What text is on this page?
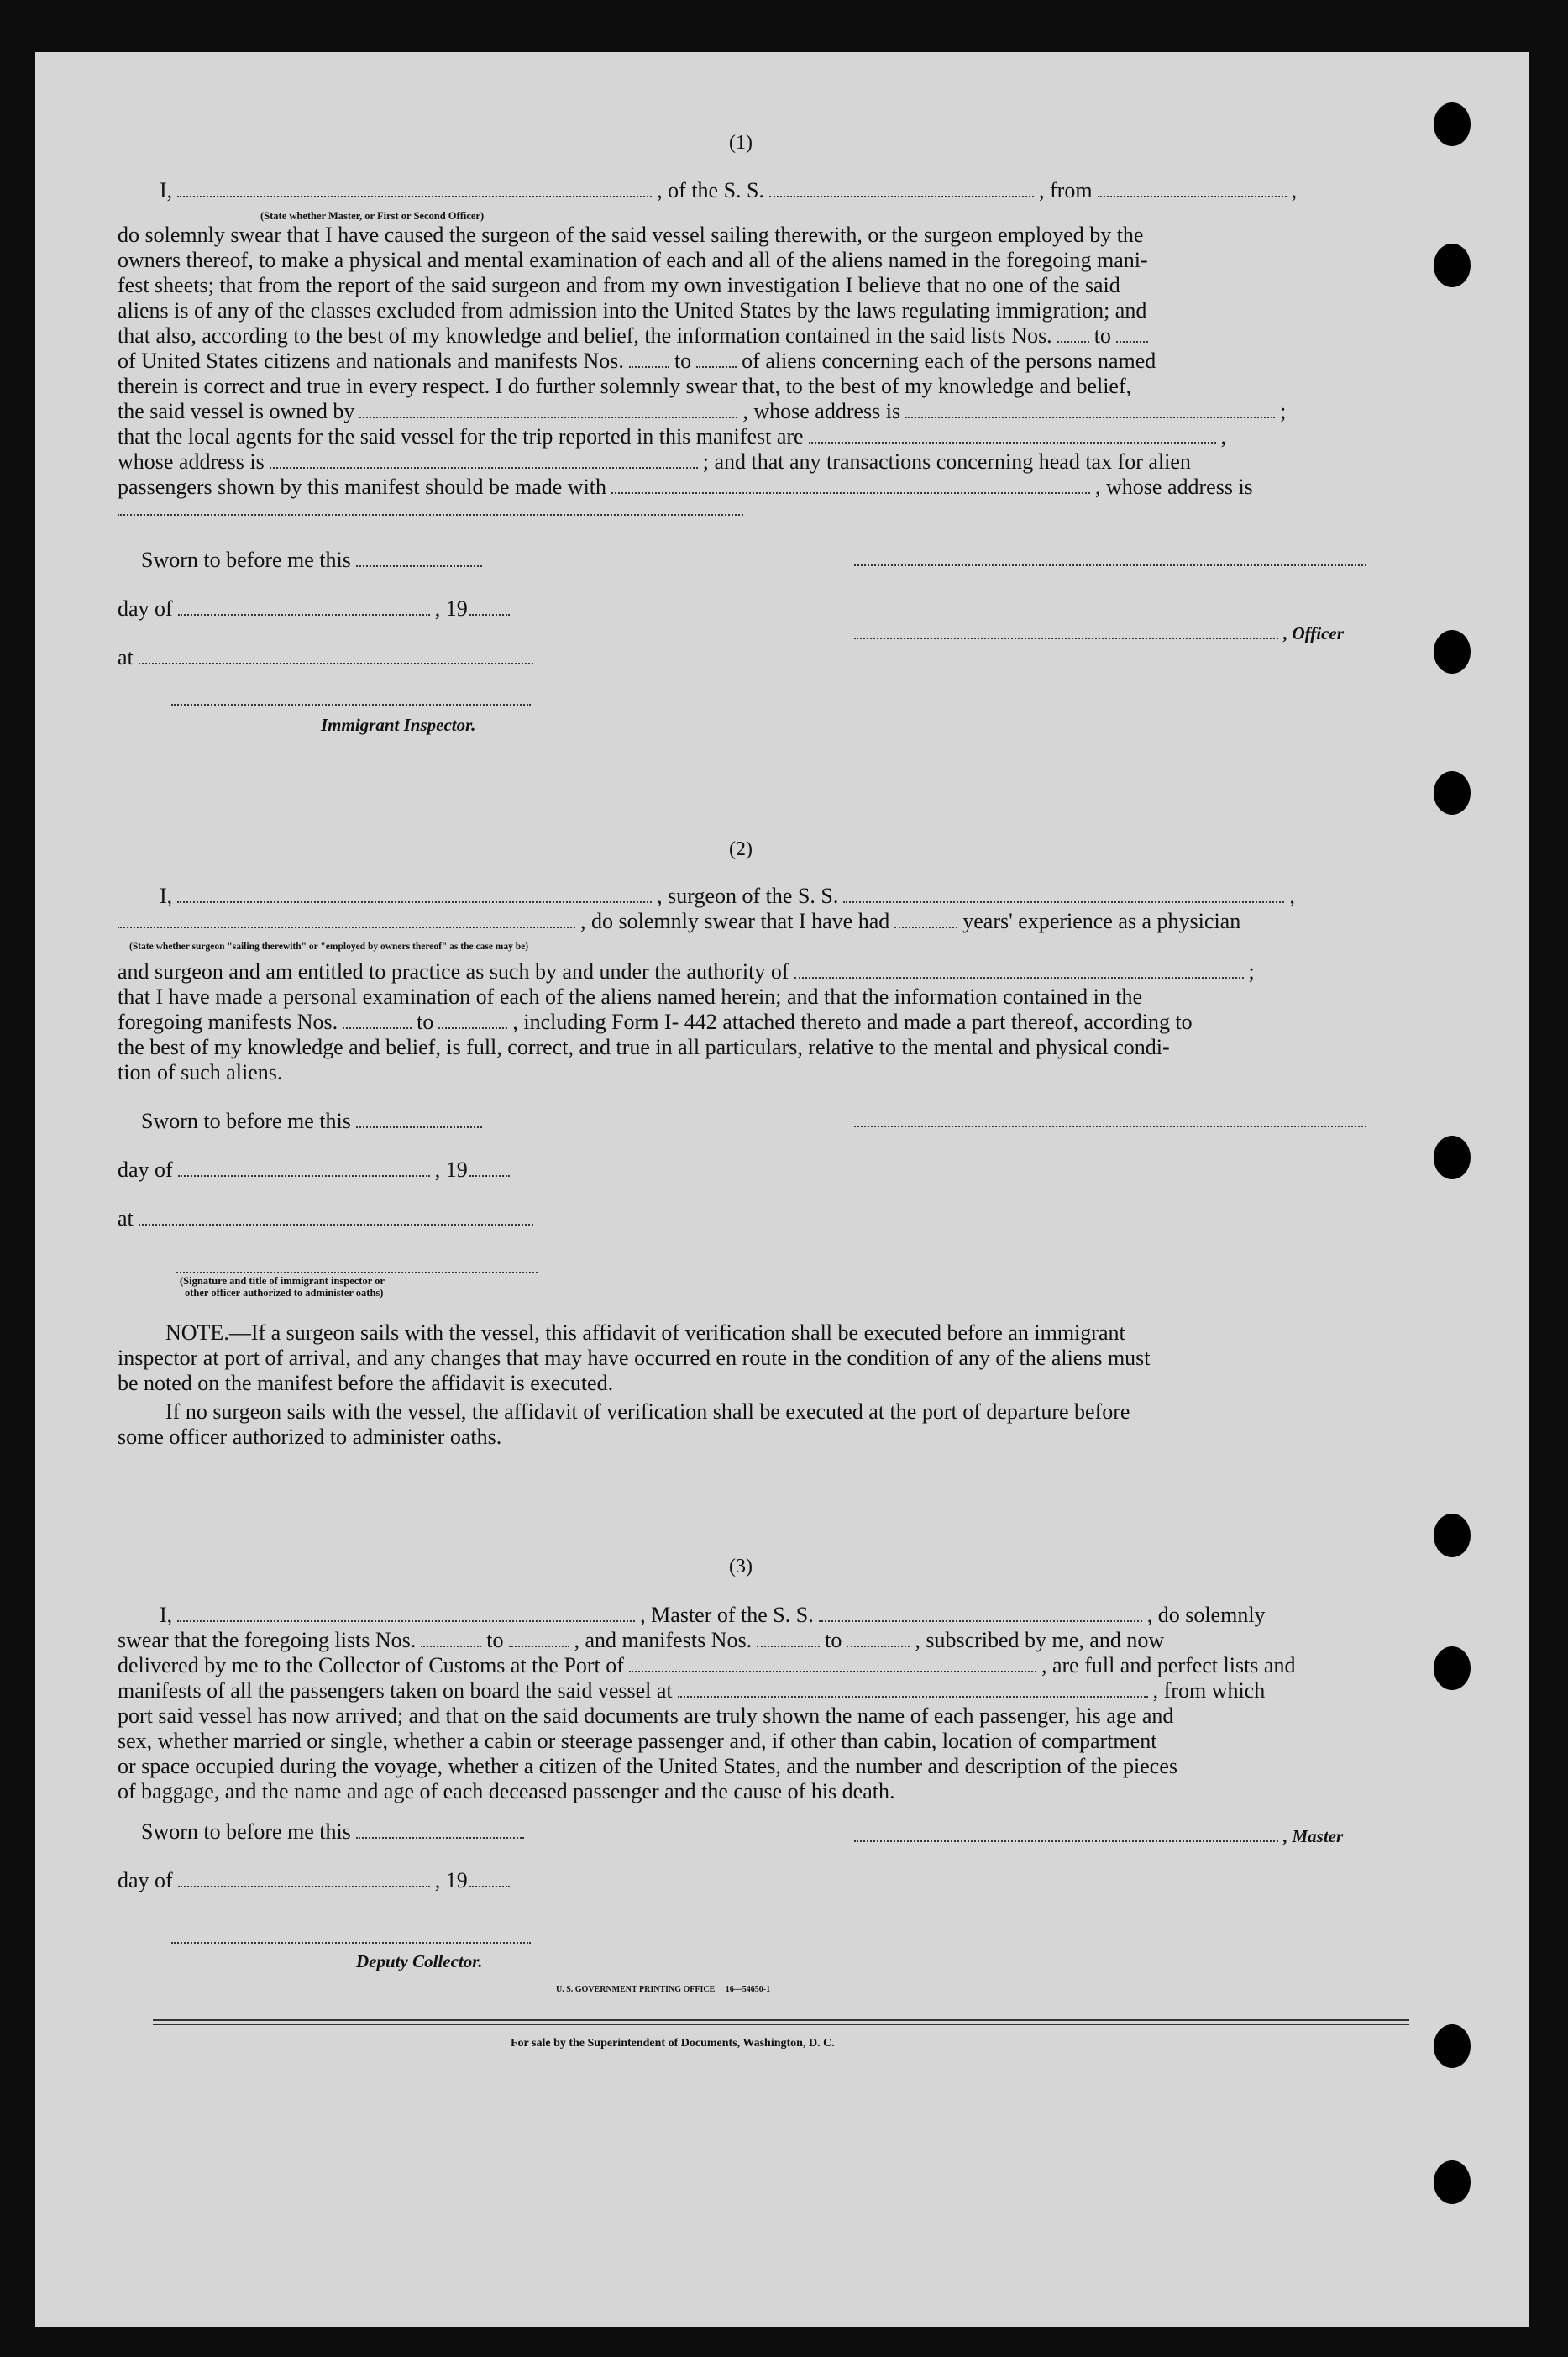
(1)
I,	, of the S. S.	, from	,
(State whether Master, or First or Second Officer)
do solemnly swear that I have caused the surgeon of the said vessel sailing therewith, or the surgeon employed by the
owners thereof, to make a physical and mental examination of each and all of the aliens named in the foregoing mani-
fest sheets; that from the report of the said surgeon and from my own investigation I believe that no one of the said
aliens is of any of the classes excluded from admission into the United States by the laws regulating immigration; and
that also, according to the best of my knowledge and belief, the information contained in the said lists Nos. to
of United States citizens and nationals and manifests Nos. to of aliens concerning each of the persons named
therein is correct and true in every respect. I do further solemnly swear that, to the best of my knowledge and belief,
the said vessel is owned by	, whose address is	;
that the local agents for the said vessel for the trip reported in this manifest are	,
whose address is	; and that any transactions concerning head tax for alien
passengers shown by this manifest should be made with	, whose address is
Sworn to before me this
day of	, 19
, Officer
at
Immigrant Inspector.
(2)
I,	, surgeon of the S. S.	,
, do solemnly swear that I have had	years' experience as a physician
(State whether surgeon "sailing therewith" or "employed by owners thereof" as the case may be)
and surgeon and am entitled to practice as such by and under the authority of	;
that I have made a personal examination of each of the aliens named herein; and that the information contained in the
foregoing manifests Nos.	to	, including Form I- 442 attached thereto and made a part thereof, according to
the best of my knowledge and belief, is full, correct, and true in all particulars, relative to the mental and physical condi-
tion of such aliens.
Sworn to before me this
day of	, 19
at
(Signature and title of immigrant inspector or
other officer authorized to administer oaths)
NOTE.—If a surgeon sails with the vessel, this affidavit of verification shall be executed before an immigrant
inspector at port of arrival, and any changes that may have occurred en route in the condition of any of the aliens must
be noted on the manifest before the affidavit is executed.
If no surgeon sails with the vessel, the affidavit of verification shall be executed at the port of departure before
some officer authorized to administer oaths.
(3)
I,	, Master of the S. S.	, do solemnly
swear that the foregoing lists Nos.	to	, and manifests Nos.	to	, subscribed by me, and now
delivered by me to the Collector of Customs at the Port of	, are full and perfect lists and
manifests of all the passengers taken on board the said vessel at	, from which
port said vessel has now arrived; and that on the said documents are truly shown the name of each passenger, his age and
sex, whether married or single, whether a cabin or steerage passenger and, if other than cabin, location of compartment
or space occupied during the voyage, whether a citizen of the United States, and the number and description of the pieces
of baggage, and the name and age of each deceased passenger and the cause of his death.
Sworn to before me this	, Master
day of	, 19
Deputy Collector.
U. S. GOVERNMENT PRINTING OFFICE     16—54650-1
For sale by the Superintendent of Documents, Washington, D. C.
